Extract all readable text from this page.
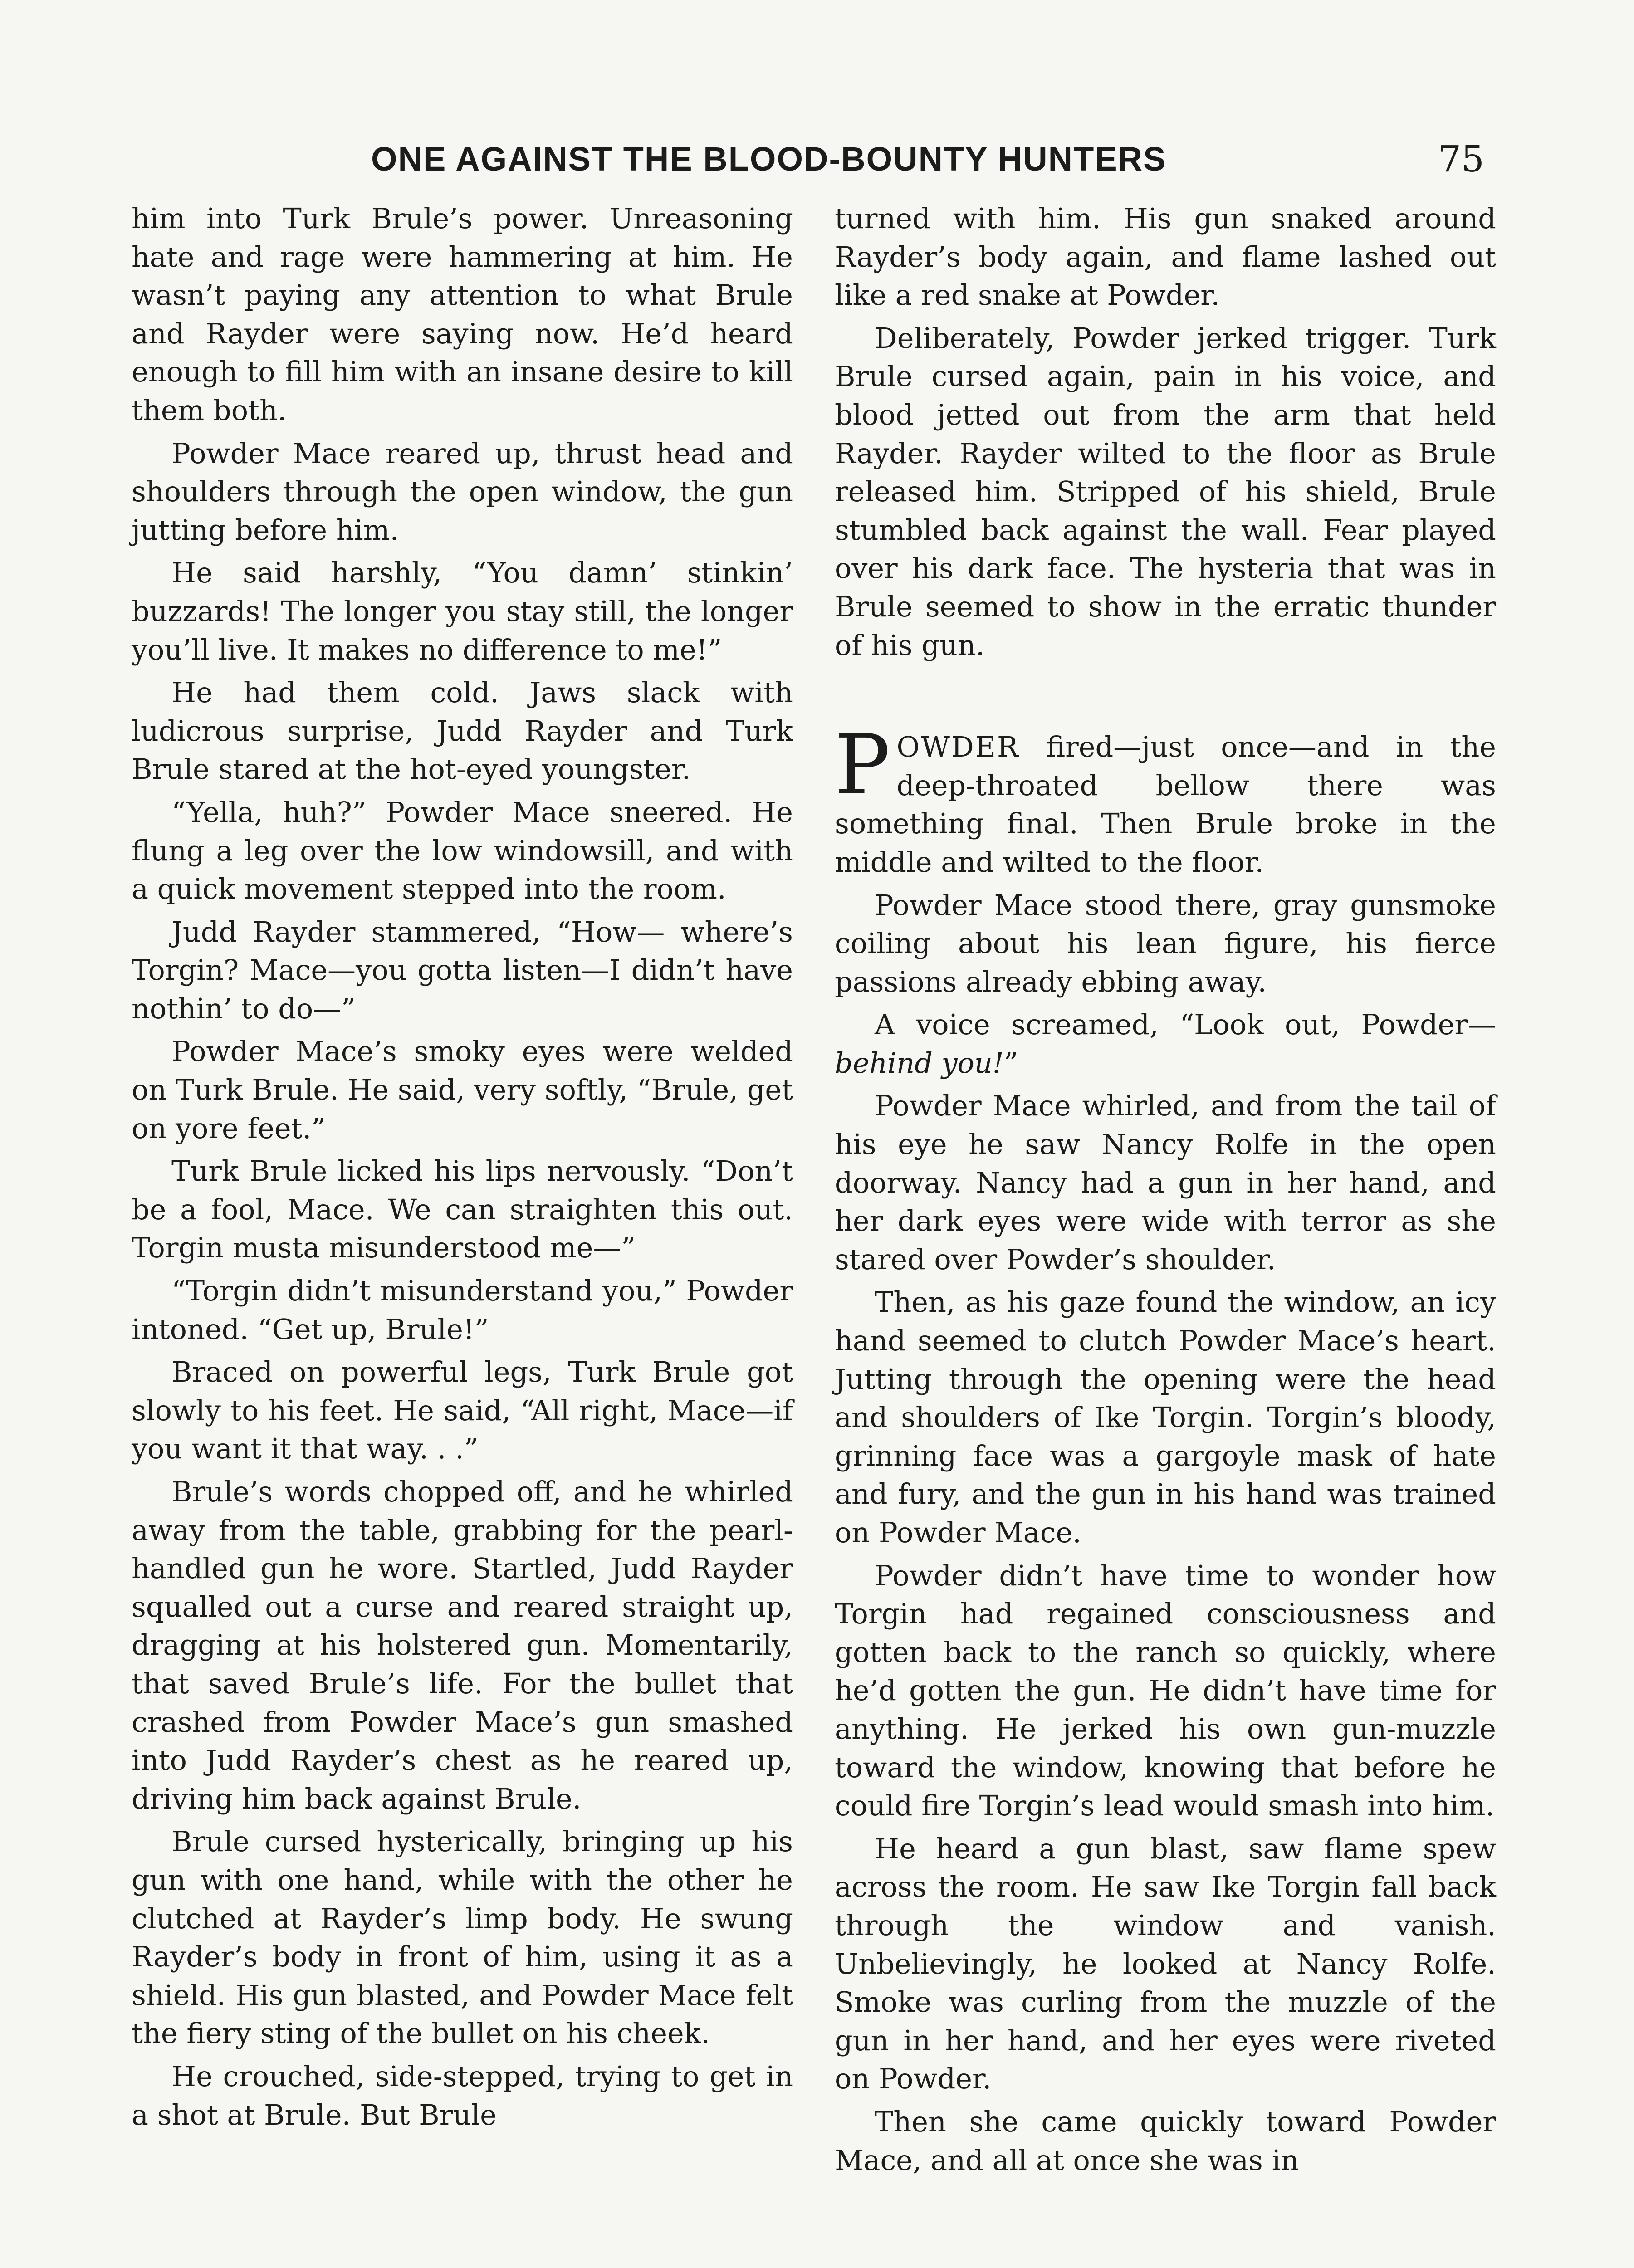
ONE AGAINST THE BLOOD-BOUNTY HUNTERS	75

him into Turk Brule’s power. Unreasoning hate and rage were hammering at him. He wasn’t paying any attention to what Brule and Rayder were saying now. He’d heard enough to fill him with an insane desire to kill them both.

Powder Mace reared up, thrust head and shoulders through the open window, the gun jutting before him.

He said harshly, “You damn’ stinkin’ buzzards! The longer you stay still, the longer you’ll live. It makes no difference to me!”

He had them cold. Jaws slack with ludicrous surprise, Judd Rayder and Turk Brule stared at the hot-eyed youngster.

“Yella, huh?” Powder Mace sneered. He flung a leg over the low windowsill, and with a quick movement stepped into the room.

Judd Rayder stammered, “How— where’s Torgin? Mace—you gotta listen—I didn’t have nothin’ to do—”

Powder Mace’s smoky eyes were welded on Turk Brule. He said, very softly, “Brule, get on yore feet.”

Turk Brule licked his lips nervously. “Don’t be a fool, Mace. We can straighten this out. Torgin musta misunderstood me—”

“Torgin didn’t misunderstand you,” Powder intoned. “Get up, Brule!”

Braced on powerful legs, Turk Brule got slowly to his feet. He said, “All right, Mace—if you want it that way. . .”

Brule’s words chopped off, and he whirled away from the table, grabbing for the pearl-handled gun he wore. Startled, Judd Rayder squalled out a curse and reared straight up, dragging at his holstered gun. Momentarily, that saved Brule’s life. For the bullet that crashed from Powder Mace’s gun smashed into Judd Rayder’s chest as he reared up, driving him back against Brule.

Brule cursed hysterically, bringing up his gun with one hand, while with the other he clutched at Rayder’s limp body. He swung Rayder’s body in front of him, using it as a shield. His gun blasted, and Powder Mace felt the fiery sting of the bullet on his cheek.

He crouched, side-stepped, trying to get in a shot at Brule. But Brule

turned with him. His gun snaked around Rayder’s body again, and flame lashed out like a red snake at Powder.

Deliberately, Powder jerked trigger. Turk Brule cursed again, pain in his voice, and blood jetted out from the arm that held Rayder. Rayder wilted to the floor as Brule released him. Stripped of his shield, Brule stumbled back against the wall. Fear played over his dark face. The hysteria that was in Brule seemed to show in the erratic thunder of his gun.

POWDER fired—just once—and in the deep-throated bellow there was something final. Then Brule broke in the middle and wilted to the floor.

Powder Mace stood there, gray gunsmoke coiling about his lean figure, his fierce passions already ebbing away.

A voice screamed, “Look out, Powder—behind you!”

Powder Mace whirled, and from the tail of his eye he saw Nancy Rolfe in the open doorway. Nancy had a gun in her hand, and her dark eyes were wide with terror as she stared over Powder’s shoulder.

Then, as his gaze found the window, an icy hand seemed to clutch Powder Mace’s heart. Jutting through the opening were the head and shoulders of Ike Torgin. Torgin’s bloody, grinning face was a gargoyle mask of hate and fury, and the gun in his hand was trained on Powder Mace.

Powder didn’t have time to wonder how Torgin had regained consciousness and gotten back to the ranch so quickly, where he’d gotten the gun. He didn’t have time for anything. He jerked his own gun-muzzle toward the window, knowing that before he could fire Torgin’s lead would smash into him.

He heard a gun blast, saw flame spew across the room. He saw Ike Torgin fall back through the window and vanish. Unbelievingly, he looked at Nancy Rolfe. Smoke was curling from the muzzle of the gun in her hand, and her eyes were riveted on Powder.

Then she came quickly toward Powder Mace, and all at once she was in
